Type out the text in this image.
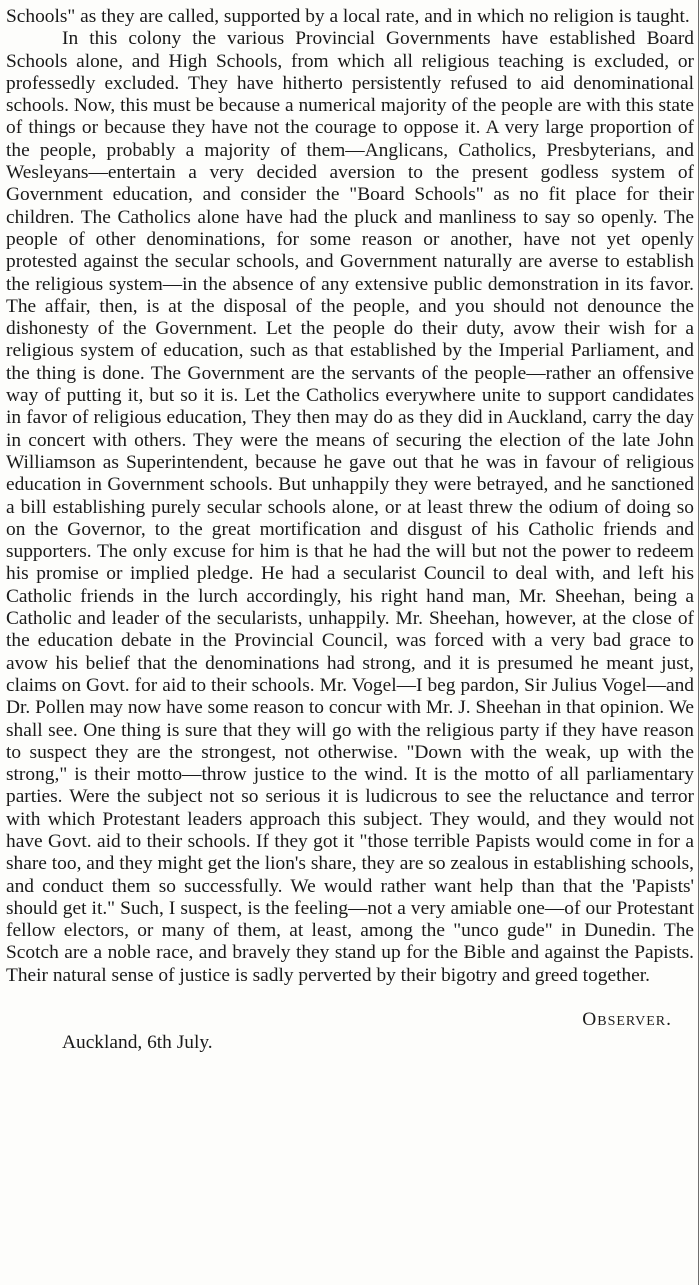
Schools" as they are called, supported by a local rate, and in which no religion is taught.

In this colony the various Provincial Governments have established Board Schools alone, and High Schools, from which all religious teaching is excluded, or professedly excluded. They have hitherto persistently refused to aid denominational schools. Now, this must be because a numerical majority of the people are with this state of things or because they have not the courage to oppose it. A very large proportion of the people, probably a majority of them—Anglicans, Catholics, Presbyterians, and Wesleyans—entertain a very decided aversion to the present godless system of Government education, and consider the "Board Schools" as no fit place for their children. The Catholics alone have had the pluck and manliness to say so openly. The people of other denominations, for some reason or another, have not yet openly protested against the secular schools, and Government naturally are averse to establish the religious system—in the absence of any extensive public demonstration in its favor. The affair, then, is at the disposal of the people, and you should not denounce the dishonesty of the Government. Let the people do their duty, avow their wish for a religious system of education, such as that established by the Imperial Parliament, and the thing is done. The Government are the servants of the people—rather an offensive way of putting it, but so it is. Let the Catholics everywhere unite to support candidates in favor of religious education, They then may do as they did in Auckland, carry the day in concert with others. They were the means of securing the election of the late John Williamson as Superintendent, because he gave out that he was in favour of religious education in Government schools. But unhappily they were betrayed, and he sanctioned a bill establishing purely secular schools alone, or at least threw the odium of doing so on the Governor, to the great mortification and disgust of his Catholic friends and supporters. The only excuse for him is that he had the will but not the power to redeem his promise or implied pledge. He had a secularist Council to deal with, and left his Catholic friends in the lurch accordingly, his right hand man, Mr. Sheehan, being a Catholic and leader of the secularists, unhappily. Mr. Sheehan, however, at the close of the education debate in the Provincial Council, was forced with a very bad grace to avow his belief that the denominations had strong, and it is presumed he meant just, claims on Govt. for aid to their schools. Mr. Vogel—I beg pardon, Sir Julius Vogel—and Dr. Pollen may now have some reason to concur with Mr. J. Sheehan in that opinion. We shall see. One thing is sure that they will go with the religious party if they have reason to suspect they are the strongest, not otherwise. "Down with the weak, up with the strong," is their motto—throw justice to the wind. It is the motto of all parliamentary parties. Were the subject not so serious it is ludicrous to see the reluctance and terror with which Protestant leaders approach this subject. They would, and they would not have Govt. aid to their schools. If they got it "those terrible Papists would come in for a share too, and they might get the lion's share, they are so zealous in establishing schools, and conduct them so successfully. We would rather want help than that the 'Papists' should get it." Such, I suspect, is the feeling—not a very amiable one—of our Protestant fellow electors, or many of them, at least, among the "unco gude" in Dunedin. The Scotch are a noble race, and bravely they stand up for the Bible and against the Papists. Their natural sense of justice is sadly perverted by their bigotry and greed together.

Observer.

Auckland, 6th July.
